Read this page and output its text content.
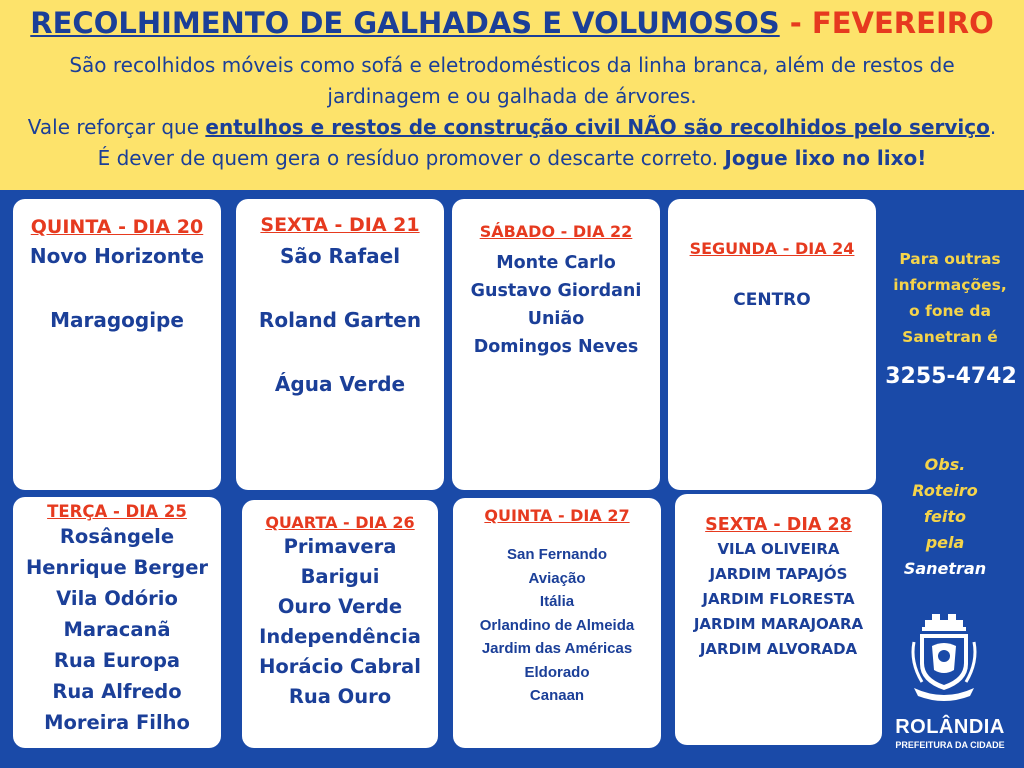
RECOLHIMENTO DE GALHADAS E VOLUMOSOS - FEVEREIRO
São recolhidos móveis como sofá e eletrodomésticos da linha branca, além de restos de
jardinagem e ou galhada de árvores.
Vale reforçar que entulhos e restos de construção civil NÃO são recolhidos pelo serviço.
É dever de quem gera o resíduo promover o descarte correto. Jogue lixo no lixo!
QUINTA - DIA 20
Novo Horizonte
Maragogipe
SEXTA - DIA 21
São Rafael
Roland Garten
Água Verde
SÁBADO - DIA 22
Monte Carlo
Gustavo Giordani
União
Domingos Neves
SEGUNDA - DIA 24
CENTRO
TERÇA - DIA 25
Rosângele
Henrique Berger
Vila Odório
Maracanã
Rua Europa
Rua Alfredo
Moreira Filho
QUARTA - DIA 26
Primavera
Barigui
Ouro Verde
Independência
Horácio Cabral
Rua Ouro
QUINTA - DIA 27
San Fernando
Aviação
Itália
Orlandino de Almeida
Jardim das Américas
Eldorado
Canaan
SEXTA - DIA 28
VILA OLIVEIRA
JARDIM TAPAJÓS
JARDIM FLORESTA
JARDIM MARAJOARA
JARDIM ALVORADA
Para outras
informações,
o fone da
Sanetran é
3255-4742
Obs.
Roteiro
feito
pela
Sanetran
ROLÂNDIA
PREFEITURA DA CIDADE
